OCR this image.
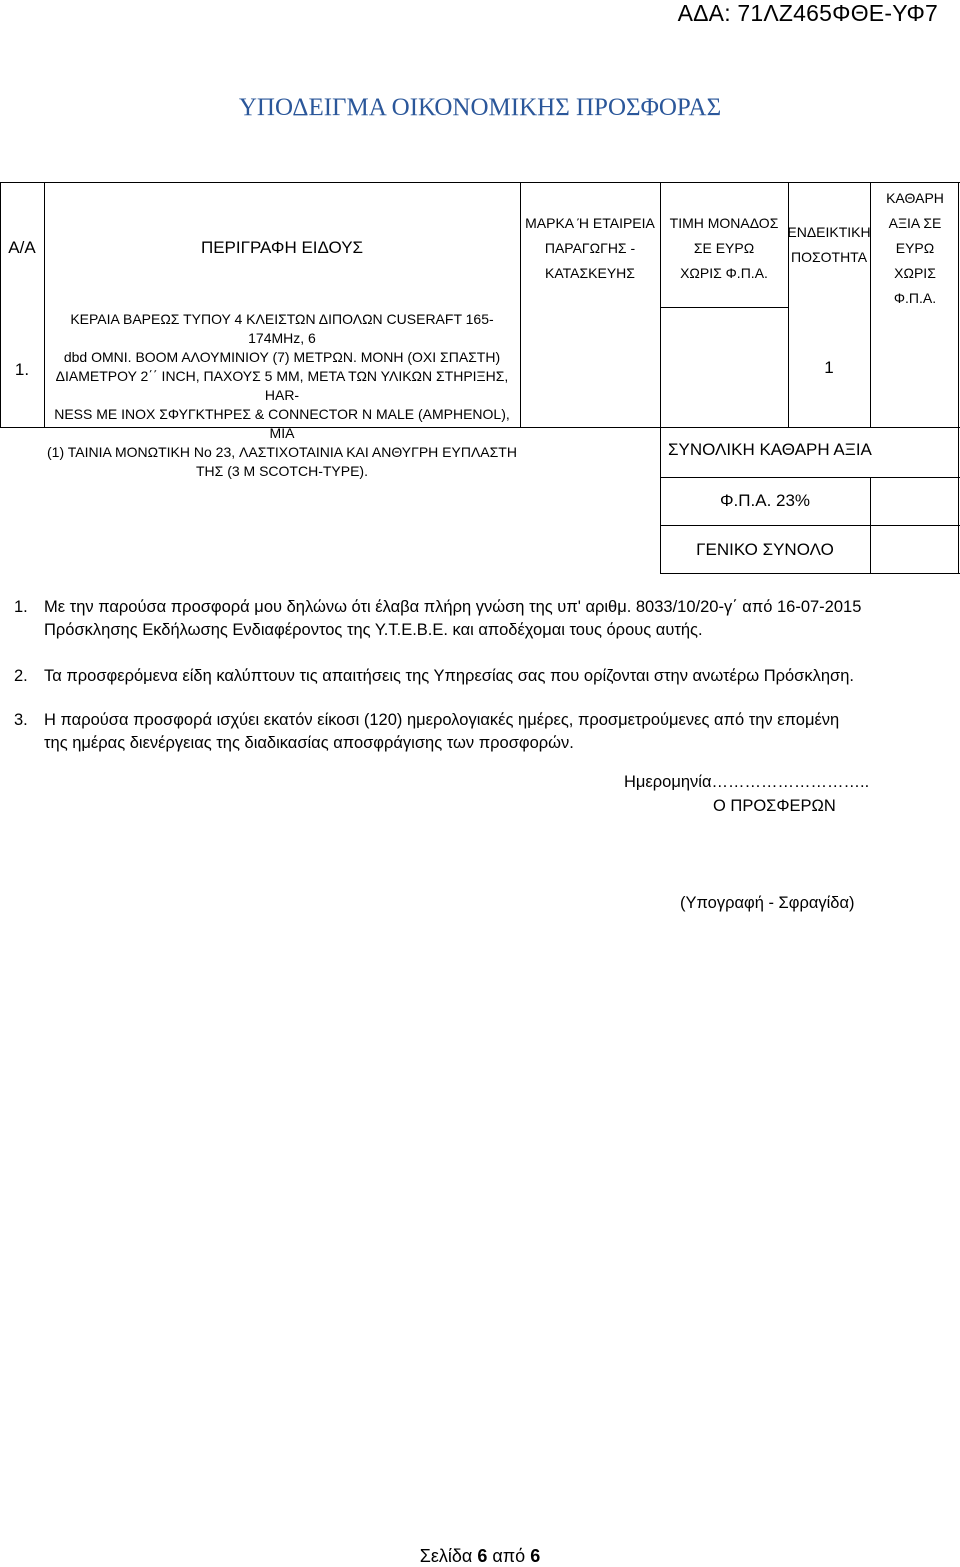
ΑΔΑ: 71ΛΖ465ΦΘΕ-ΥΦ7
ΥΠΟΔΕΙΓΜΑ ΟΙΚΟΝΟΜΙΚΗΣ ΠΡΟΣΦΟΡΑΣ
Α/Α	ΠΕΡΙΓΡΑΦΗ ΕΙΔΟΥΣ
ΜΑΡΚΑ Ή ΕΤΑΙΡΕΙΑ
ΠΑΡΑΓΩΓΗΣ -
ΚΑΤΑΣΚΕΥΗΣ
ΤΙΜΗ ΜΟΝΑΔΟΣ
ΣΕ ΕΥΡΩ
ΧΩΡΙΣ Φ.Π.Α.
ΕΝΔΕΙΚΤΙΚΗ
ΠΟΣΟΤΗΤΑ
ΚΑΘΑΡΗ
ΑΞΙΑ ΣΕ
ΕΥΡΩ
ΧΩΡΙΣ
Φ.Π.Α.
1.
ΚΕΡΑΙΑ ΒΑΡΕΩΣ ΤΥΠΟΥ 4 ΚΛΕΙΣΤΩΝ ΔΙΠΟΛΩΝ CUSERAFT 165-174MHz, 6
dbd OMNI. ΒΟΟΜ ΑΛΟΥΜΙΝΙΟΥ (7) ΜΕΤΡΩΝ. ΜΟΝΗ (ΟΧΙ ΣΠΑΣΤΗ)
ΔΙΑΜΕΤΡΟΥ 2΄΄ INCH, ΠΑΧΟΥΣ 5 MM, ΜΕΤΑ ΤΩΝ ΥΛΙΚΩΝ ΣΤΗΡΙΞΗΣ, HAR-
NESS ΜΕ ΙΝΟΧ ΣΦΥΓΚΤΗΡΕΣ & CONNECTOR N MALE (AMPHENOL), ΜΙΑ
(1) ΤΑΙΝΙΑ ΜΟΝΩΤΙΚΗ No 23, ΛΑΣΤΙΧΟΤΑΙΝΙΑ ΚΑΙ ΑΝΘΥΓΡΗ ΕΥΠΛΑΣΤΗ
ΤΗΣ (3 Μ SCOTCH-TYPE).
1
ΣΥΝΟΛΙΚΗ ΚΑΘΑΡΗ ΑΞΙΑ
Φ.Π.Α. 23%
ΓΕΝΙΚΟ ΣΥΝΟΛΟ
1. Με την παρούσα προσφορά μου δηλώνω ότι έλαβα πλήρη γνώση της υπ' αριθμ. 8033/10/20-γ΄ από 16-07-2015
Πρόσκλησης Εκδήλωσης Ενδιαφέροντος της Υ.Τ.Ε.Β.Ε. και αποδέχομαι τους όρους αυτής.
2. Τα προσφερόμενα είδη καλύπτουν τις απαιτήσεις της Υπηρεσίας σας που ορίζονται στην ανωτέρω Πρόσκληση.
3. Η παρούσα προσφορά ισχύει εκατόν είκοσι (120) ημερολογιακές ημέρες, προσμετρούμενες από την επομένη
της ημέρας διενέργειας της διαδικασίας αποσφράγισης των προσφορών.
Ημερομηνία………………………..
Ο ΠΡΟΣΦΕΡΩΝ
(Υπογραφή - Σφραγίδα)
Σελίδα 6 από 6
